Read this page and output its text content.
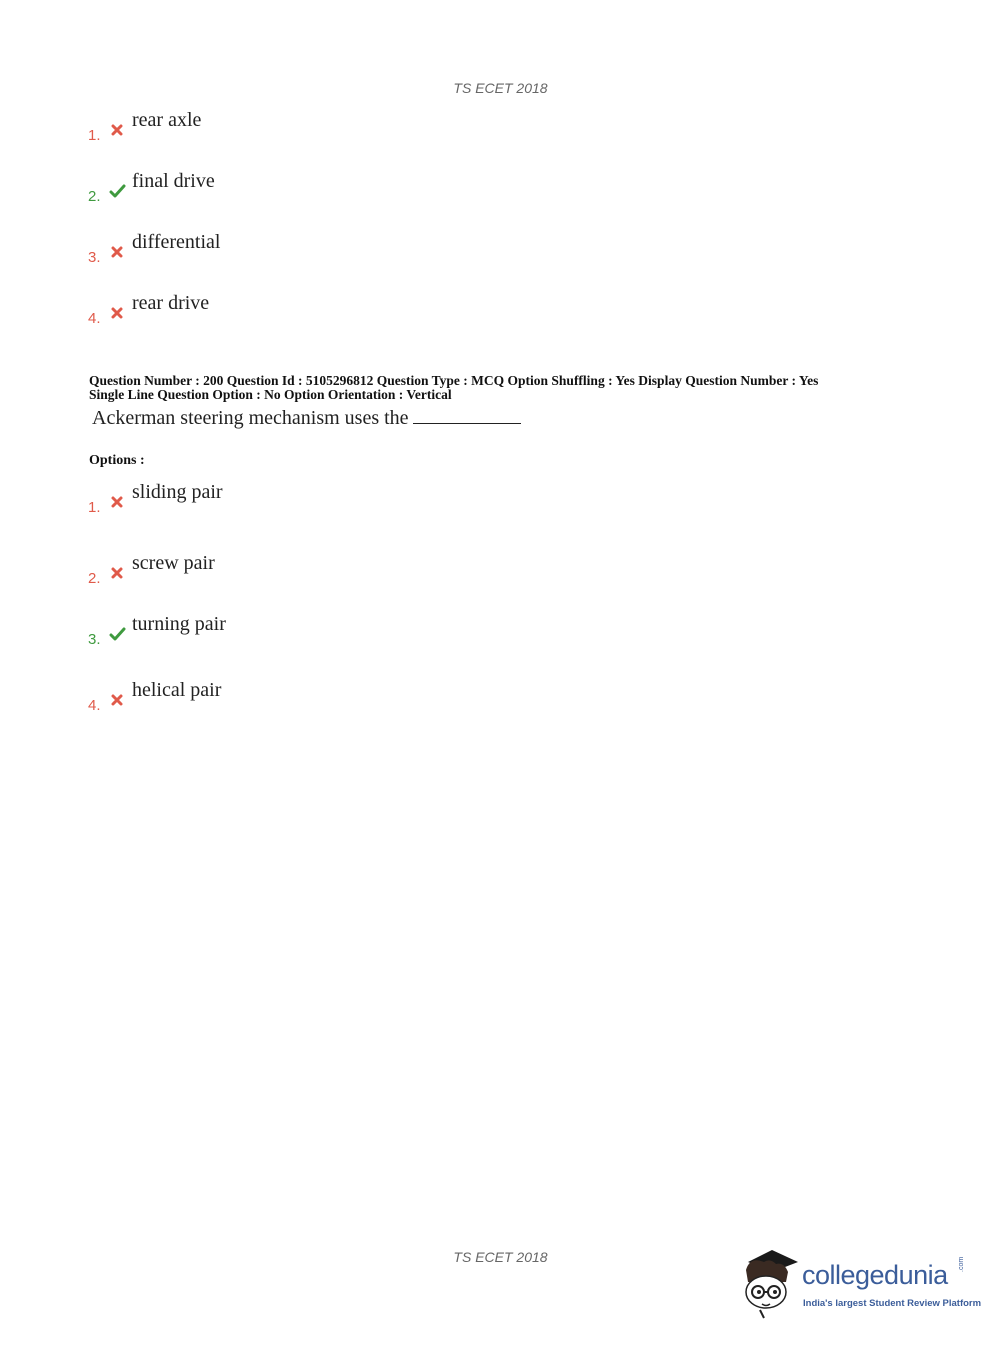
TS ECET 2018
1.
rear axle
2.
final drive
3.
differential
4.
rear drive
Question Number : 200 Question Id : 5105296812 Question Type : MCQ Option Shuffling : Yes Display Question Number : Yes
Single Line Question Option : No Option Orientation : Vertical
Ackerman steering mechanism uses the
Options :
1.
sliding pair
2.
screw pair
3.
turning pair
4.
helical pair
TS ECET 2018
collegedunia .com
India's largest Student Review Platform
